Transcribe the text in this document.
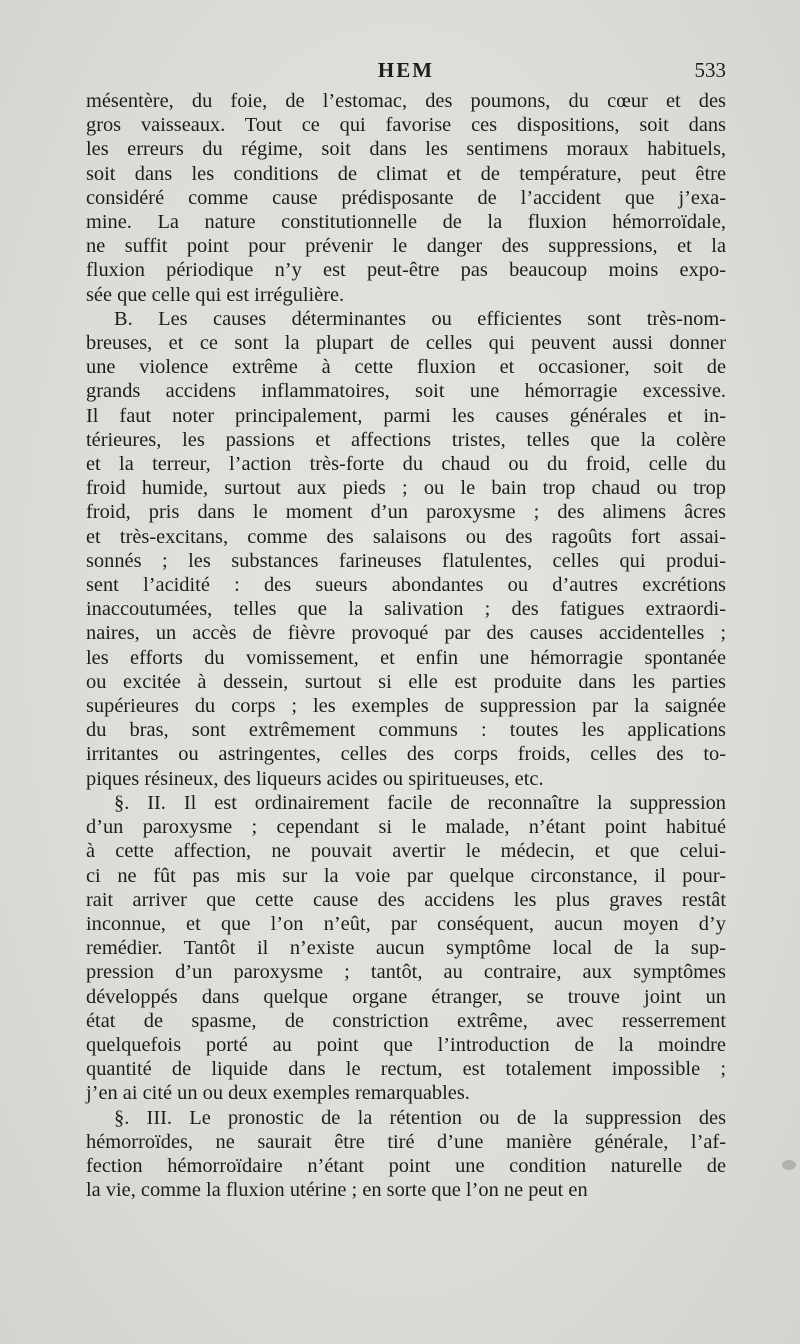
HEM	533

mésentère, du foie, de l’estomac, des poumons, du cœur et des
gros vaisseaux. Tout ce qui favorise ces dispositions, soit dans
les erreurs du régime, soit dans les sentimens moraux habituels,
soit dans les conditions de climat et de température, peut être
considéré comme cause prédisposante de l’accident que j’exa-
mine. La nature constitutionnelle de la fluxion hémorroïdale,
ne suffit point pour prévenir le danger des suppressions, et la
fluxion périodique n’y est peut-être pas beaucoup moins expo-
sée que celle qui est irrégulière.

B. Les causes déterminantes ou efficientes sont très-nom-
breuses, et ce sont la plupart de celles qui peuvent aussi donner
une violence extrême à cette fluxion et occasioner, soit de
grands accidens inflammatoires, soit une hémorragie excessive.
Il faut noter principalement, parmi les causes générales et in-
térieures, les passions et affections tristes, telles que la colère
et la terreur, l’action très-forte du chaud ou du froid, celle du
froid humide, surtout aux pieds ; ou le bain trop chaud ou trop
froid, pris dans le moment d’un paroxysme ; des alimens âcres
et très-excitans, comme des salaisons ou des ragoûts fort assai-
sonnés ; les substances farineuses flatulentes, celles qui produi-
sent l’acidité : des sueurs abondantes ou d’autres excrétions
inaccoutumées, telles que la salivation ; des fatigues extraordi-
naires, un accès de fièvre provoqué par des causes accidentelles ;
les efforts du vomissement, et enfin une hémorragie spontanée
ou excitée à dessein, surtout si elle est produite dans les parties
supérieures du corps ; les exemples de suppression par la saignée
du bras, sont extrêmement communs : toutes les applications
irritantes ou astringentes, celles des corps froids, celles des to-
piques résineux, des liqueurs acides ou spiritueuses, etc.

§. II. Il est ordinairement facile de reconnaître la suppression
d’un paroxysme ; cependant si le malade, n’étant point habitué
à cette affection, ne pouvait avertir le médecin, et que celui-
ci ne fût pas mis sur la voie par quelque circonstance, il pour-
rait arriver que cette cause des accidens les plus graves restât
inconnue, et que l’on n’eût, par conséquent, aucun moyen d’y
remédier. Tantôt il n’existe aucun symptôme local de la sup-
pression d’un paroxysme ; tantôt, au contraire, aux symptômes
développés dans quelque organe étranger, se trouve joint un
état de spasme, de constriction extrême, avec resserrement
quelquefois porté au point que l’introduction de la moindre
quantité de liquide dans le rectum, est totalement impossible ;
j’en ai cité un ou deux exemples remarquables.

§. III. Le pronostic de la rétention ou de la suppression des
hémorroïdes, ne saurait être tiré d’une manière générale, l’af-
fection hémorroïdaire n’étant point une condition naturelle de
la vie, comme la fluxion utérine ; en sorte que l’on ne peut en
